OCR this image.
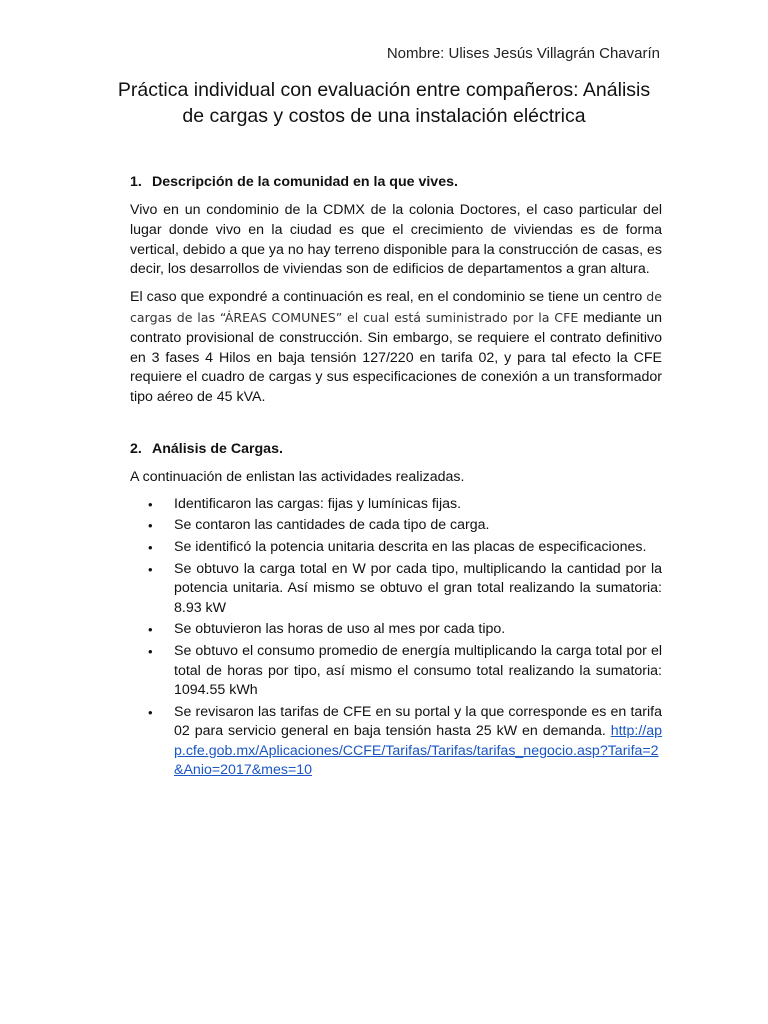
Nombre: Ulises Jesús Villagrán Chavarín
Práctica individual con evaluación entre compañeros: Análisis
de cargas y costos de una instalación eléctrica
1. Descripción de la comunidad en la que vives.

Vivo en un condominio de la CDMX de la colonia Doctores, el caso particular del lugar donde vivo en la ciudad es que el crecimiento de viviendas es de forma vertical, debido a que ya no hay terreno disponible para la construcción de casas, es decir, los desarrollos de viviendas son de edificios de departamentos a gran altura.

El caso que expondré a continuación es real, en el condominio se tiene un centro de cargas de las “ÁREAS COMUNES” el cual está suministrado por la CFE mediante un contrato provisional de construcción. Sin embargo, se requiere el contrato definitivo en 3 fases 4 Hilos en baja tensión 127/220 en tarifa 02, y para tal efecto la CFE requiere el cuadro de cargas y sus especificaciones de conexión a un transformador tipo aéreo de 45 kVA.

2. Análisis de Cargas.

A continuación de enlistan las actividades realizadas.

• Identificaron las cargas: fijas y lumínicas fijas.
• Se contaron las cantidades de cada tipo de carga.
• Se identificó la potencia unitaria descrita en las placas de especificaciones.
• Se obtuvo la carga total en W por cada tipo, multiplicando la cantidad por la potencia unitaria. Así mismo se obtuvo el gran total realizando la sumatoria: 8.93 kW
• Se obtuvieron las horas de uso al mes por cada tipo.
• Se obtuvo el consumo promedio de energía multiplicando la carga total por el total de horas por tipo, así mismo el consumo total realizando la sumatoria: 1094.55 kWh
• Se revisaron las tarifas de CFE en su portal y la que corresponde es en tarifa 02 para servicio general en baja tensión hasta 25 kW en demanda. http://app.cfe.gob.mx/Aplicaciones/CCFE/Tarifas/Tarifas/tarifas_negocio.asp?Tarifa=2&Anio=2017&mes=10
